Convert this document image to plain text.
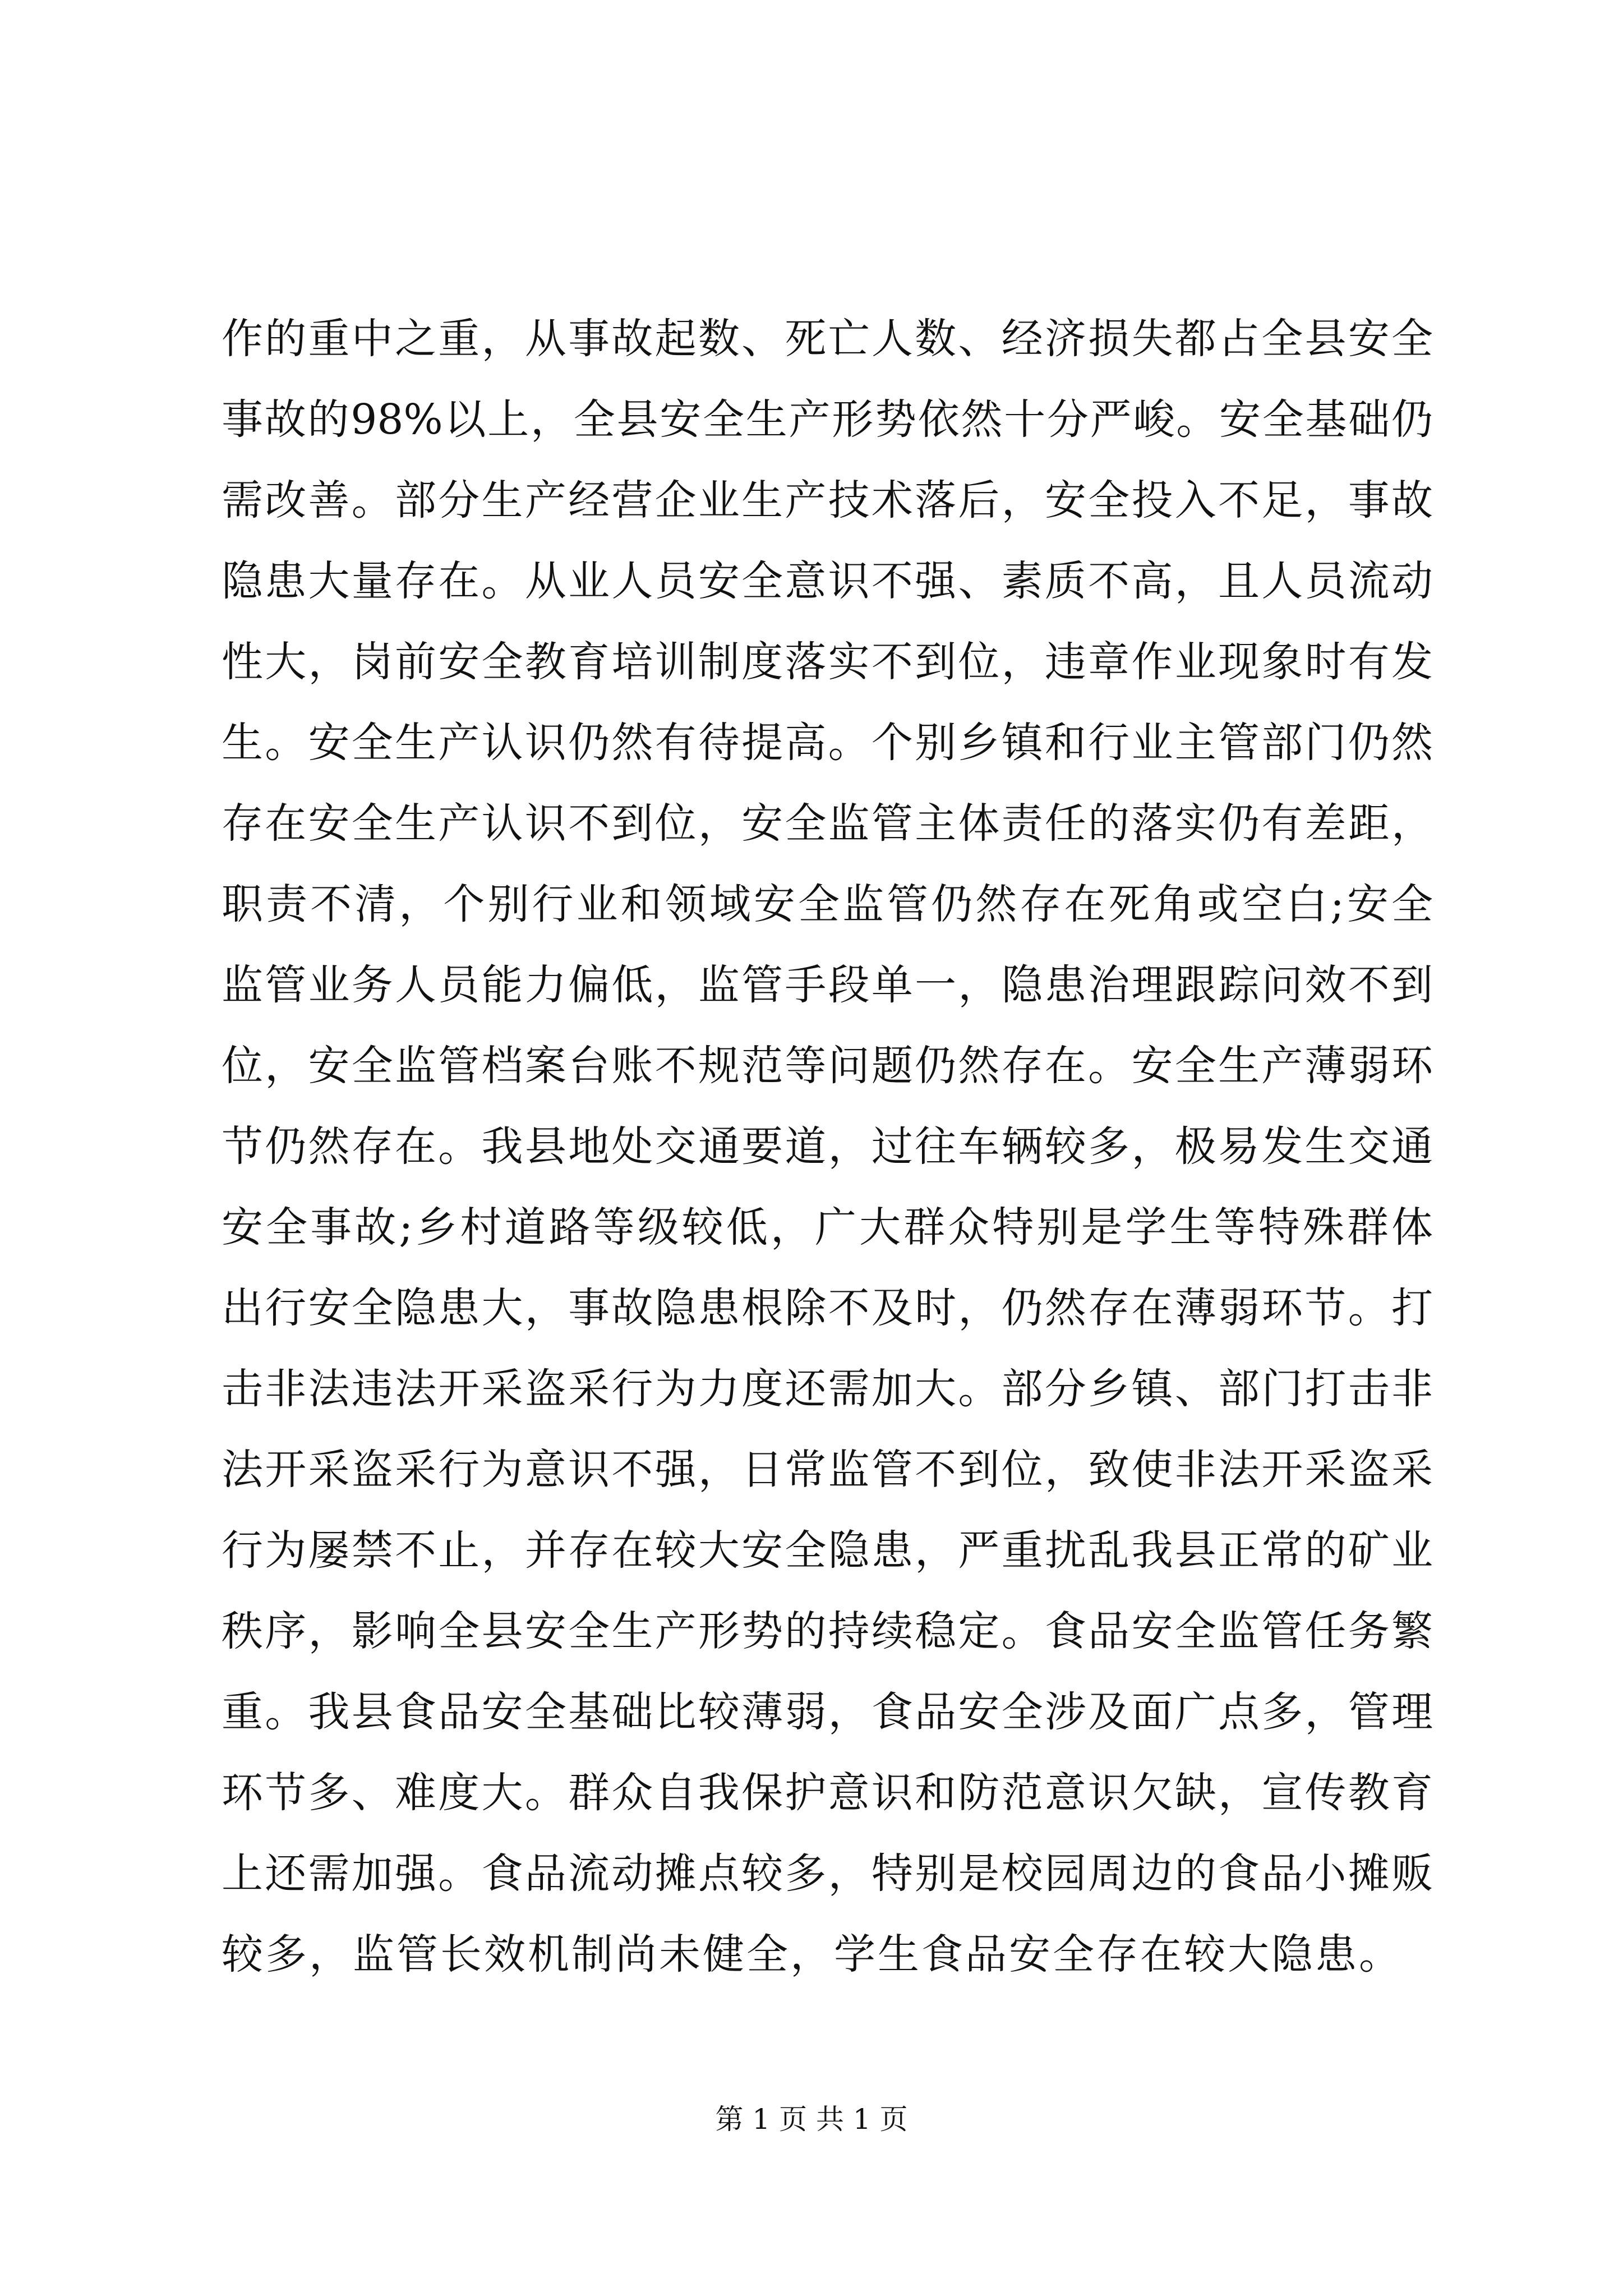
作的重中之重，从事故起数、死亡人数、经济损失都占全县安全
事故的98%以上，全县安全生产形势依然十分严峻。安全基础仍
需改善。部分生产经营企业生产技术落后，安全投入不足，事故
隐患大量存在。从业人员安全意识不强、素质不高，且人员流动
性大，岗前安全教育培训制度落实不到位，违章作业现象时有发
生。安全生产认识仍然有待提高。个别乡镇和行业主管部门仍然
存在安全生产认识不到位，安全监管主体责任的落实仍有差距，
职责不清，个别行业和领域安全监管仍然存在死角或空白;安全
监管业务人员能力偏低，监管手段单一，隐患治理跟踪问效不到
位，安全监管档案台账不规范等问题仍然存在。安全生产薄弱环
节仍然存在。我县地处交通要道，过往车辆较多，极易发生交通
安全事故;乡村道路等级较低，广大群众特别是学生等特殊群体
出行安全隐患大，事故隐患根除不及时，仍然存在薄弱环节。打
击非法违法开采盗采行为力度还需加大。部分乡镇、部门打击非
法开采盗采行为意识不强，日常监管不到位，致使非法开采盗采
行为屡禁不止，并存在较大安全隐患，严重扰乱我县正常的矿业
秩序，影响全县安全生产形势的持续稳定。食品安全监管任务繁
重。我县食品安全基础比较薄弱，食品安全涉及面广点多，管理
环节多、难度大。群众自我保护意识和防范意识欠缺，宣传教育
上还需加强。食品流动摊点较多，特别是校园周边的食品小摊贩
较多，监管长效机制尚未健全，学生食品安全存在较大隐患。
第 1 页 共 1 页
